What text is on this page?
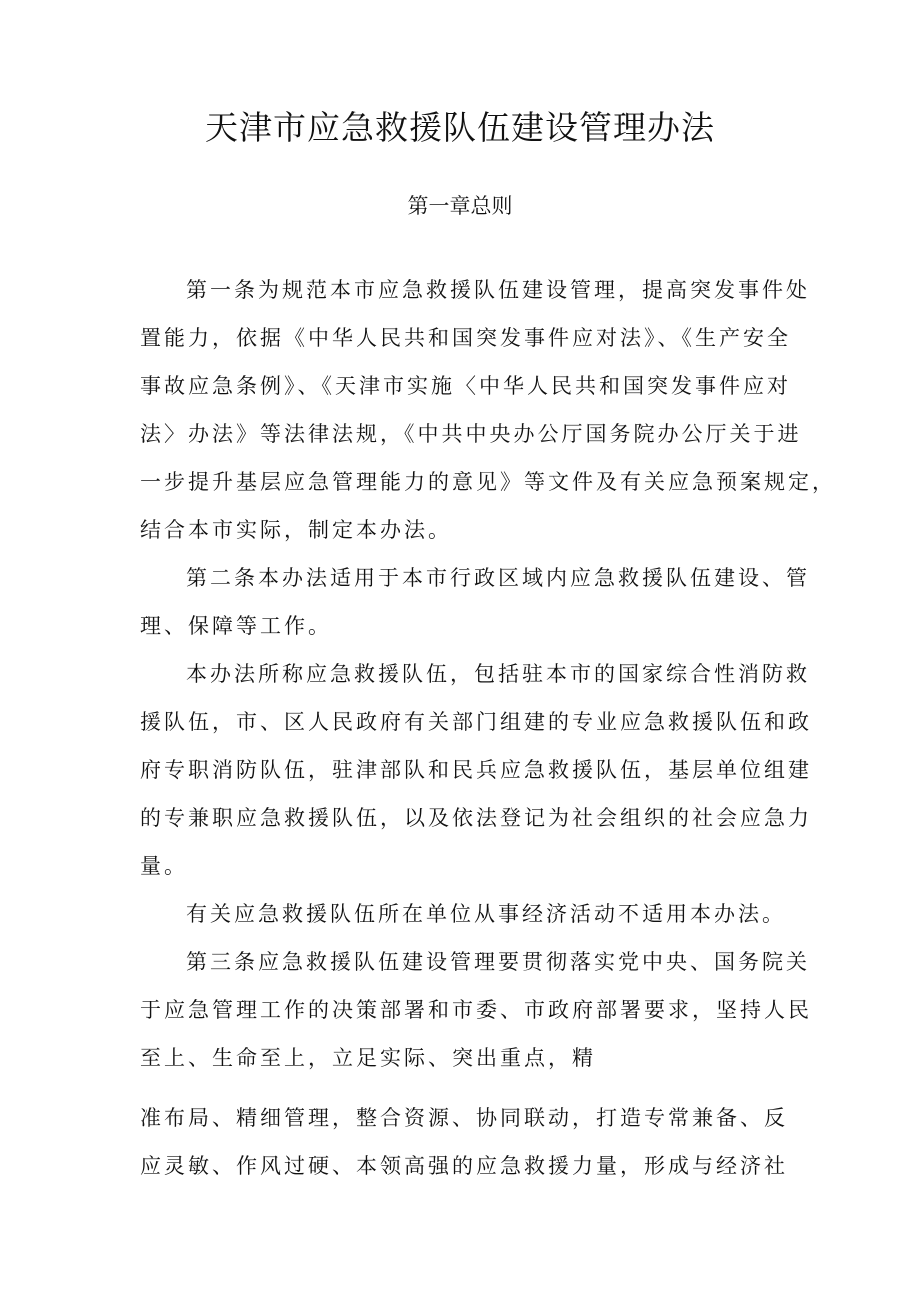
天津市应急救援队伍建设管理办法
第一章总则
第一条为规范本市应急救援队伍建设管理，提高突发事件处
置能力，依据《中华人民共和国突发事件应对法》、《生产安全
事故应急条例》、《天津市实施〈中华人民共和国突发事件应对
法〉办法》等法律法规，《中共中央办公厅国务院办公厅关于进
一步提升基层应急管理能力的意见》等文件及有关应急预案规定，
结合本市实际，制定本办法。
第二条本办法适用于本市行政区域内应急救援队伍建设、管
理、保障等工作。
本办法所称应急救援队伍，包括驻本市的国家综合性消防救
援队伍，市、区人民政府有关部门组建的专业应急救援队伍和政
府专职消防队伍，驻津部队和民兵应急救援队伍，基层单位组建
的专兼职应急救援队伍，以及依法登记为社会组织的社会应急力
量。
有关应急救援队伍所在单位从事经济活动不适用本办法。
第三条应急救援队伍建设管理要贯彻落实党中央、国务院关
于应急管理工作的决策部署和市委、市政府部署要求，坚持人民
至上、生命至上，立足实际、突出重点，精
准布局、精细管理，整合资源、协同联动，打造专常兼备、反
应灵敏、作风过硬、本领高强的应急救援力量，形成与经济社
